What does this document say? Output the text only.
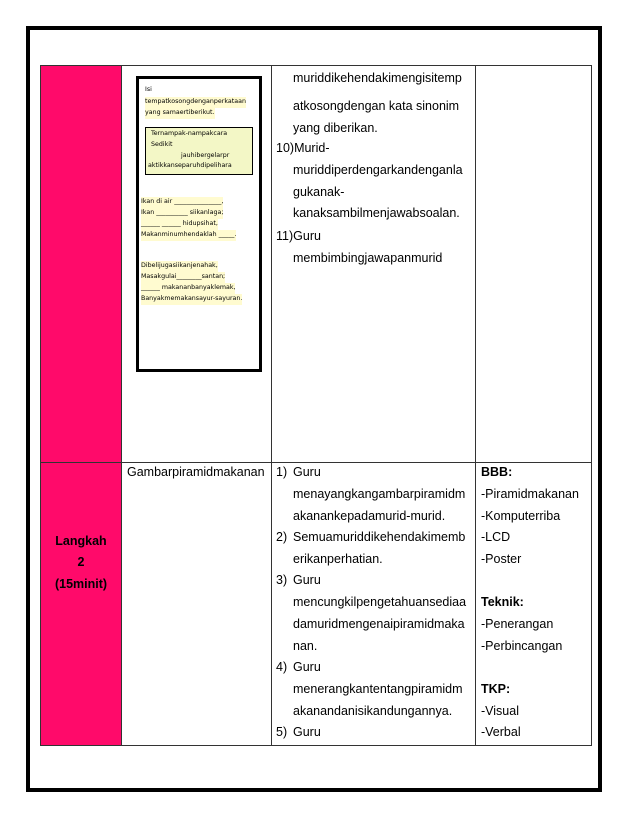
Isi
tempatkosongdenganperkataan
yang samaertiberikut.
Ternampak-nampakcara
Sedikit
jauhibergelarpr
aktikkanseparuhdipelihara
Ikan di air _______________,
Ikan __________ siikanlaga;
______ ______ hidupsihat,
Makanminumhendaklah _____.
Dibelijugasiikanjenahak,
Masakgulai________santan;
______ makananbanyaklemak,
Banyakmemakansayur-sayuran.
muriddikehendakimengisitemp
atkosongdengan kata sinonim
yang diberikan.
10)Murid-
muriddiperdengarkandenganla
gukanak-
kanaksambilmenjawabsoalan.
11)Guru
membimbingjawapanmurid
Langkah
2
(15minit)
Gambarpiramidmakanan 1) Guru
menayangkangambarpiramidm
akanankepadamurid-murid.
2) Semuamuriddikehendakimemb
erikanperhatian.
3) Guru
mencungkilpengetahuansediaa
damuridmengenaipiramidmaka
nan.
4) Guru
menerangkantentangpiramidm
akanandanisikandungannya.
5) Guru
BBB:
-Piramidmakanan
-Komputerriba
-LCD
-Poster
Teknik:
-Penerangan
-Perbincangan
TKP:
-Visual
-Verbal
